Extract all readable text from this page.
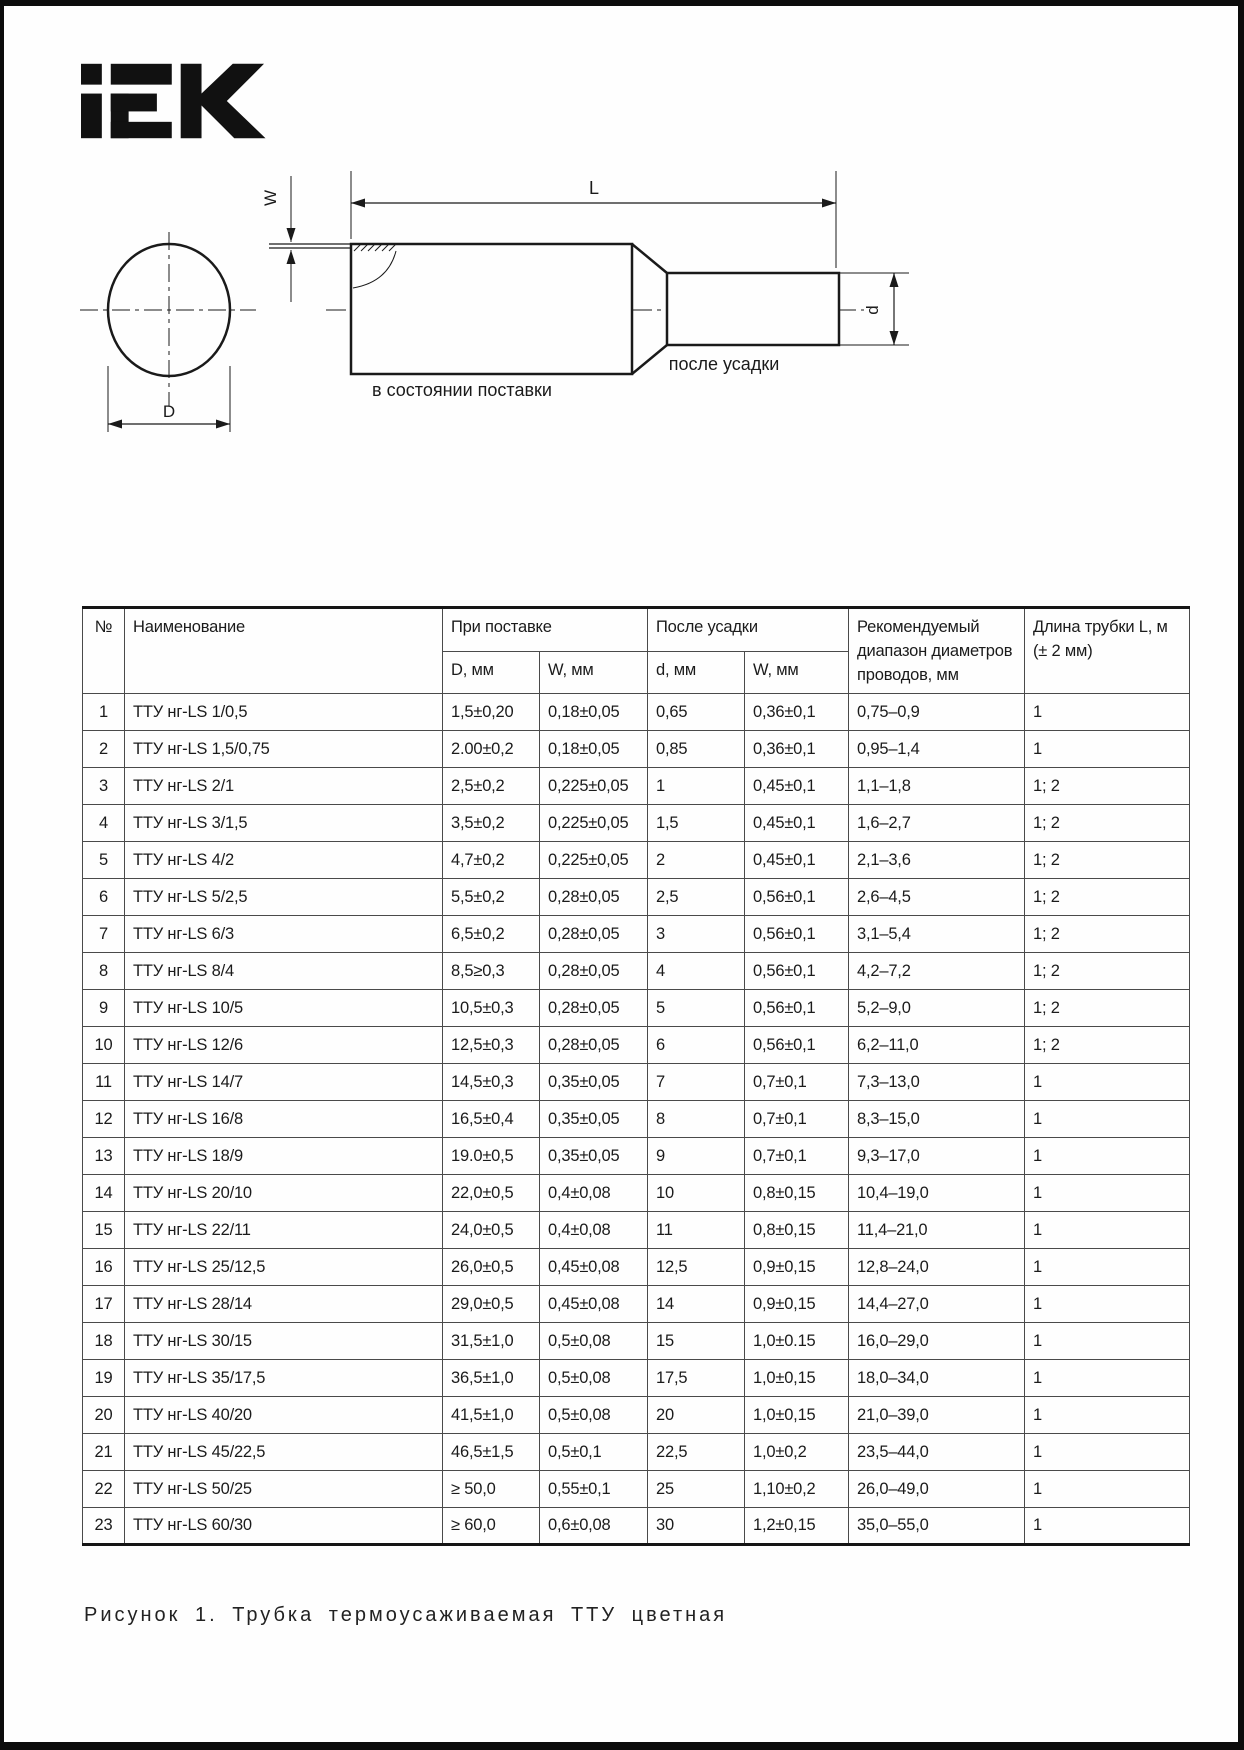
D
W	L
d
после усадки
в состоянии поставки
№	Наименование	При поставке		После усадки		Рекомендуемый диапазон диаметров проводов, мм	Длина трубки L, м (± 2 мм)
		D, мм	W, мм	d, мм	W, мм		
1	ТТУ нг-LS 1/0,5	1,5±0,20	0,18±0,05	0,65	0,36±0,1	0,75–0,9	1
2	ТТУ нг-LS 1,5/0,75	2.00±0,2	0,18±0,05	0,85	0,36±0,1	0,95–1,4	1
3	ТТУ нг-LS 2/1	2,5±0,2	0,225±0,05	1	0,45±0,1	1,1–1,8	1; 2
4	ТТУ нг-LS 3/1,5	3,5±0,2	0,225±0,05	1,5	0,45±0,1	1,6–2,7	1; 2
5	ТТУ нг-LS 4/2	4,7±0,2	0,225±0,05	2	0,45±0,1	2,1–3,6	1; 2
6	ТТУ нг-LS 5/2,5	5,5±0,2	0,28±0,05	2,5	0,56±0,1	2,6–4,5	1; 2
7	ТТУ нг-LS 6/3	6,5±0,2	0,28±0,05	3	0,56±0,1	3,1–5,4	1; 2
8	ТТУ нг-LS 8/4	8,5≥0,3	0,28±0,05	4	0,56±0,1	4,2–7,2	1; 2
9	ТТУ нг-LS 10/5	10,5±0,3	0,28±0,05	5	0,56±0,1	5,2–9,0	1; 2
10	ТТУ нг-LS 12/6	12,5±0,3	0,28±0,05	6	0,56±0,1	6,2–11,0	1; 2
11	ТТУ нг-LS 14/7	14,5±0,3	0,35±0,05	7	0,7±0,1	7,3–13,0	1
12	ТТУ нг-LS 16/8	16,5±0,4	0,35±0,05	8	0,7±0,1	8,3–15,0	1
13	ТТУ нг-LS 18/9	19.0±0,5	0,35±0,05	9	0,7±0,1	9,3–17,0	1
14	ТТУ нг-LS 20/10	22,0±0,5	0,4±0,08	10	0,8±0,15	10,4–19,0	1
15	ТТУ нг-LS 22/11	24,0±0,5	0,4±0,08	11	0,8±0,15	11,4–21,0	1
16	ТТУ нг-LS 25/12,5	26,0±0,5	0,45±0,08	12,5	0,9±0,15	12,8–24,0	1
17	ТТУ нг-LS 28/14	29,0±0,5	0,45±0,08	14	0,9±0,15	14,4–27,0	1
18	ТТУ нг-LS 30/15	31,5±1,0	0,5±0,08	15	1,0±0.15	16,0–29,0	1
19	ТТУ нг-LS 35/17,5	36,5±1,0	0,5±0,08	17,5	1,0±0,15	18,0–34,0	1
20	ТТУ нг-LS 40/20	41,5±1,0	0,5±0,08	20	1,0±0,15	21,0–39,0	1
21	ТТУ нг-LS 45/22,5	46,5±1,5	0,5±0,1	22,5	1,0±0,2	23,5–44,0	1
22	ТТУ нг-LS 50/25	≥ 50,0	0,55±0,1	25	1,10±0,2	26,0–49,0	1
23	ТТУ нг-LS 60/30	≥ 60,0	0,6±0,08	30	1,2±0,15	35,0–55,0	1
Рисунок 1. Трубка термоусаживаемая ТТУ цветная
